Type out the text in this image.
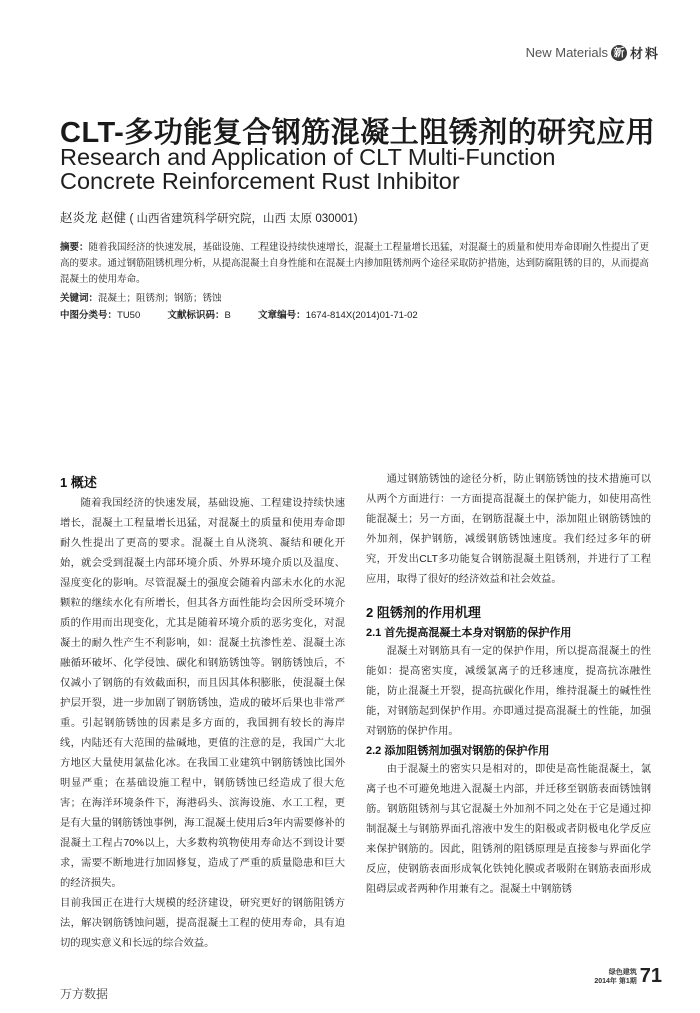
New Materials 新 材料
CLT-多功能复合钢筋混凝土阻锈剂的研究应用
Research and Application of CLT Multi-Function
Concrete Reinforcement Rust Inhibitor
赵炎龙 赵健 ( 山西省建筑科学研究院，山西 太原 030001)
摘要：随着我国经济的快速发展，基础设施、工程建设持续快速增长，混凝土工程量增长迅猛，对混凝土的质量和使用寿命即耐久性提出了更高的要求。通过钢筋阻锈机理分析，从提高混凝土自身性能和在混凝土内掺加阻锈剂两个途径采取防护措施，达到防腐阻锈的目的，从而提高混凝土的使用寿命。
关键词：混凝土；阻锈剂；钢筋；锈蚀
中图分类号：TU50	文献标识码：B	文章编号：1674-814X(2014)01-71-02
1 概述

随着我国经济的快速发展，基础设施、工程建设持续快速增长，混凝土工程量增长迅猛，对混凝土的质量和使用寿命即耐久性提出了更高的要求。混凝土自从浇筑、凝结和硬化开始，就会受到混凝土内部环境介质、外界环境介质以及温度、湿度变化的影响。尽管混凝土的强度会随着内部未水化的水泥颗粒的继续水化有所增长，但其各方面性能均会因所受环境介质的作用而出现变化，尤其是随着环境介质的恶劣变化，对混凝土的耐久性产生不利影响，如：混凝土抗渗性差、混凝土冻融循环破坏、化学侵蚀、碳化和钢筋锈蚀等。钢筋锈蚀后，不仅减小了钢筋的有效截面积，而且因其体积膨胀，使混凝土保护层开裂，进一步加剧了钢筋锈蚀，造成的破坏后果也非常严重。引起钢筋锈蚀的因素是多方面的，我国拥有较长的海岸线，内陆还有大范围的盐碱地，更值的注意的是，我国广大北方地区大量使用氯盐化冰。在我国工业建筑中钢筋锈蚀比国外明显严重；在基础设施工程中，钢筋锈蚀已经造成了很大危害；在海洋环境条件下，海港码头、滨海设施、水工工程，更是有大量的钢筋锈蚀事例，海工混凝土使用后3年内需要修补的混凝土工程占70%以上，大多数构筑物使用寿命达不到设计要求，需要不断地进行加固修复，造成了严重的质量隐患和巨大的经济损失。

目前我国正在进行大规模的经济建设，研究更好的钢筋阻锈方法，解决钢筋锈蚀问题，提高混凝土工程的使用寿命，具有迫切的现实意义和长远的综合效益。

通过钢筋锈蚀的途径分析，防止钢筋锈蚀的技术措施可以从两个方面进行：一方面提高混凝土的保护能力，如使用高性能混凝土；另一方面，在钢筋混凝土中，添加阻止钢筋锈蚀的外加剂，保护钢筋，减缓钢筋锈蚀速度。我们经过多年的研究，开发出CLT多功能复合钢筋混凝土阻锈剂，并进行了工程应用，取得了很好的经济效益和社会效益。

2 阻锈剂的作用机理
2.1 首先提高混凝土本身对钢筋的保护作用

混凝土对钢筋具有一定的保护作用，所以提高混凝土的性能如：提高密实度，减缓氯离子的迁移速度，提高抗冻融性能，防止混凝土开裂，提高抗碳化作用，维持混凝土的碱性性能，对钢筋起到保护作用。亦即通过提高混凝土的性能，加强对钢筋的保护作用。

2.2 添加阻锈剂加强对钢筋的保护作用

由于混凝土的密实只是相对的，即使是高性能混凝土，氯离子也不可避免地进入混凝土内部，并迁移至钢筋表面锈蚀钢筋。钢筋阻锈剂与其它混凝土外加剂不同之处在于它是通过抑制混凝土与钢筋界面孔溶液中发生的阳极或者阴极电化学反应来保护钢筋的。因此，阻锈剂的阻锈原理是直接参与界面化学反应，使钢筋表面形成氧化铁钝化膜或者吸附在钢筋表面形成阻碍层或者两种作用兼有之。混凝土中钢筋锈

绿色建筑
2014年 第1期 71
万方数据
